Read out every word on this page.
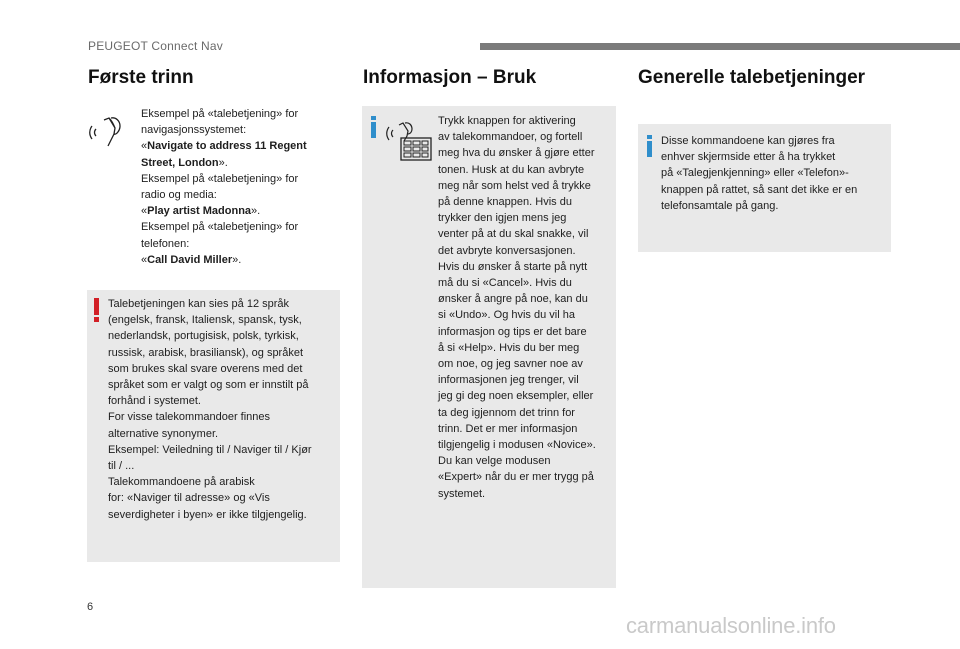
PEUGEOT Connect Nav
Første trinn
Eksempel på «talebetjening» for
navigasjonssystemet:
«Navigate to address 11 Regent
Street, London».
Eksempel på «talebetjening» for
radio og media:
«Play artist Madonna».
Eksempel på «talebetjening» for
telefonen:
«Call David Miller».
Talebetjeningen kan sies på 12 språk
(engelsk, fransk, Italiensk, spansk, tysk,
nederlandsk, portugisisk, polsk, tyrkisk,
russisk, arabisk, brasiliansk), og språket
som brukes skal svare overens med det
språket som er valgt og som er innstilt på
forhånd i systemet.
For visse talekommandoer finnes
alternative synonymer.
Eksempel: Veiledning til / Naviger til / Kjør
til / ...
Talekommandoene på arabisk
for: «Naviger til adresse» og «Vis
severdigheter i byen» er ikke tilgjengelig.
Informasjon – Bruk
Trykk knappen for aktivering
av talekommandoer, og fortell
meg hva du ønsker å gjøre etter
tonen. Husk at du kan avbryte
meg når som helst ved å trykke
på denne knappen. Hvis du
trykker den igjen mens jeg
venter på at du skal snakke, vil
det avbryte konversasjonen.
Hvis du ønsker å starte på nytt
må du si «Cancel». Hvis du
ønsker å angre på noe, kan du
si «Undo». Og hvis du vil ha
informasjon og tips er det bare
å si «Help». Hvis du ber meg
om noe, og jeg savner noe av
informasjonen jeg trenger, vil
jeg gi deg noen eksempler, eller
ta deg igjennom det trinn for
trinn. Det er mer informasjon
tilgjengelig i modusen «Novice».
Du kan velge modusen
«Expert» når du er mer trygg på
systemet.
Generelle talebetjeninger
Disse kommandoene kan gjøres fra
enhver skjermside etter å ha trykket
på «Talegjenkjenning» eller «Telefon»-
knappen på rattet, så sant det ikke er en
telefonsamtale på gang.
6
carmanualsonline.info
